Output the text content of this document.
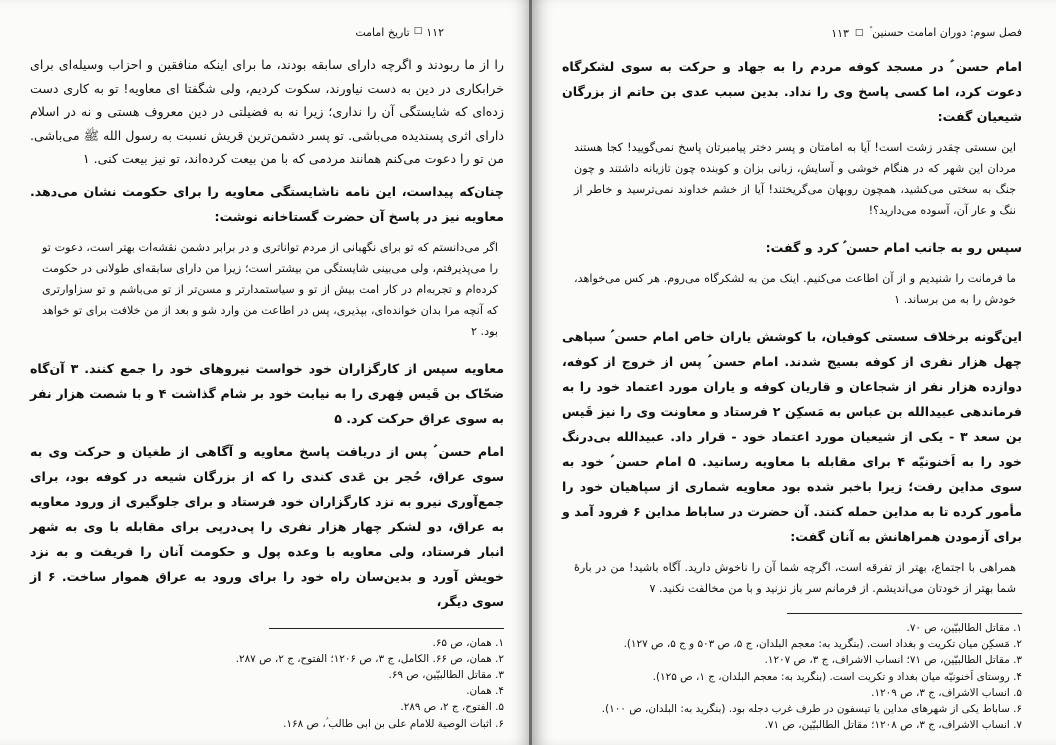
۱۱۲
□
تاریخ امامت

را از ما ربودند و اگرچه دارای سابقه بودند، ما برای اینکه منافقین و احزاب وسیله‌ای برای خرابکاری در دین به دست نیاورند، سکوت کردیم، ولی شگفتا ای معاویه! تو به کاری دست زده‌ای که شایستگی آن را نداری؛ زیرا نه به فضیلتی در دین معروف هستی و نه در اسلام دارای اثری پسندیده می‌باشی. تو پسر دشمن‌ترین قریش نسبت به رسول الله ﷺ می‌باشی. من تو را دعوت می‌کنم همانند مردمی که با من بیعت کرده‌اند، تو نیز بیعت کنی. ۱

چنان‌که پیداست، این نامه ناشایستگی معاویه را برای حکومت نشان می‌دهد. معاویه نیز در پاسخ آن حضرت گستاخانه نوشت:

اگر می‌دانستم که تو برای نگهبانی از مردم تواناتری و در برابر دشمن نقشه‌ات بهتر است، دعوت تو را می‌پذیرفتم، ولی می‌بینی شایستگی من بیشتر است؛ زیرا من دارای سابقه‌ای طولانی در حکومت کرده‌ام و تجربه‌ام در کار امت بیش از تو و سیاستمدارتر و مسن‌تر از تو می‌باشم و تو سزاوارتری که آنچه مرا بدان خوانده‌ای، بپذیری، پس در اطاعت من وارد شو و بعد از من خلافت برای تو خواهد بود. ۲

معاویه سپس از کارگزاران خود خواست نیروهای خود را جمع کنند. ۳ آن‌گاه ضحّاک بن قَیس فِهری را به نیابت خود بر شام گذاشت ۴ و با شصت هزار نفر به سوی عراق حرکت کرد. ۵

امام حسن ؑ پس از دریافت پاسخ معاویه و آگاهی از طغیان و حرکت وی به سوی عراق، حُجر بن عَدی کندی را که از بزرگان شیعه در کوفه بود، برای جمع‌آوری نیرو به نزد کارگزاران خود فرستاد و برای جلوگیری از ورود معاویه به عراق، دو لشکر چهار هزار نفری را پی‌درپی برای مقابله با وی به شهر انبار فرستاد، ولی معاویه با وعده پول و حکومت آنان را فریفت و به نزد خویش آورد و بدین‌سان راه خود را برای ورود به عراق هموار ساخت. ۶ از سوی دیگر،

۱. همان، ص ۶۵.
۲. همان، ص ۶۶. الکامل، ج ۳، ص ۱۲۰۶؛ الفتوح، ج ۲، ص ۲۸۷.
۳. مقاتل الطالبیّین، ص ۶۹.
۴. همان.
۵. الفتوح، ج ۲، ص ۲۸۹.
۶. اثبات الوصیة للامام علی بن ابی طالب ؑ، ص ۱۶۸.
فصل سوم: دوران امامت حسنین ؑ
□
۱۱۳

امام حسن ؑ در مسجد کوفه مردم را به جهاد و حرکت به سوی لشکرگاه دعوت کرد، اما کسی پاسخ وی را نداد. بدین سبب عدی بن حاتم از بزرگان شیعیان گفت:

این سستی چقدر زشت است! آیا به امامتان و پسر دختر پیامبرتان پاسخ نمی‌گویید! کجا هستند مردان این شهر که در هنگام خوشی و آسایش، زبانی بزان و کوبنده چون تازیانه داشتند و چون جنگ به سختی می‌کشید، همچون روبهان می‌گریختند! آیا از خشم خداوند نمی‌ترسید و خاطر از ننگ و عار آن، آسوده می‌دارید؟!

سپس رو به جانب امام حسن ؑ کرد و گفت:

ما فرمانت را شنیدیم و از آن اطاعت می‌کنیم. اینک من به لشکرگاه می‌روم. هر کس می‌خواهد، خودش را به من برساند. ۱

این‌گونه برخلاف سستی کوفیان، با کوشش یاران خاص امام حسن ؑ سپاهی چهل هزار نفری از کوفه بسیج شدند. امام حسن ؑ پس از خروج از کوفه، دوازده هزار نفر از شجاعان و قاریان کوفه و یاران مورد اعتماد خود را به فرماندهی عبیدالله بن عباس به مَسکِن ۲ فرستاد و معاونت وی را نیز قَیس بن سعد ۳ - یکی از شیعیان مورد اعتماد خود - قرار داد. عبیدالله بی‌درنگ خود را به اَخنونیّه ۴ برای مقابله با معاویه رسانید. ۵ امام حسن ؑ خود به سوی مداین رفت؛ زیرا باخبر شده بود معاویه شماری از سپاهیان خود را مأمور کرده تا به مداین حمله کنند. آن حضرت در ساباط مداین ۶ فرود آمد و برای آزمودن همراهانش به آنان گفت:

همراهی با اجتماع، بهتر از تفرقه است، اگرچه شما آن را ناخوش دارید. آگاه باشید! من در بارهٔ شما بهتر از خودتان می‌اندیشم. از فرمانم سر باز نزنید و با من مخالفت نکنید. ۷

۱. مقاتل الطالبیّین، ص ۷۰.
۲. مَسکِن میان تکریت و بغداد است. (بنگرید به: معجم البلدان، ج ۵، ص ۵۰۳ و ج ۵، ص ۱۲۷).
۳. مقاتل الطالبیّین، ص ۷۱؛ انساب الاشراف، ج ۳، ص ۱۲۰۷.
۴. روستای اَخنونیّه میان بغداد و تکریت است. (بنگرید به: معجم البلدان، ج ۱، ص ۱۲۵).
۵. انساب الاشراف، ج ۳، ص ۱۲۰۹.
۶. ساباط یکی از شهرهای مداین یا تیسفون در طرف غرب دجله بود. (بنگرید به: البلدان، ص ۱۰۰).
۷. انساب الاشراف، ج ۳، ص ۱۲۰۸؛ مقاتل الطالبیّین، ص ۷۱.
